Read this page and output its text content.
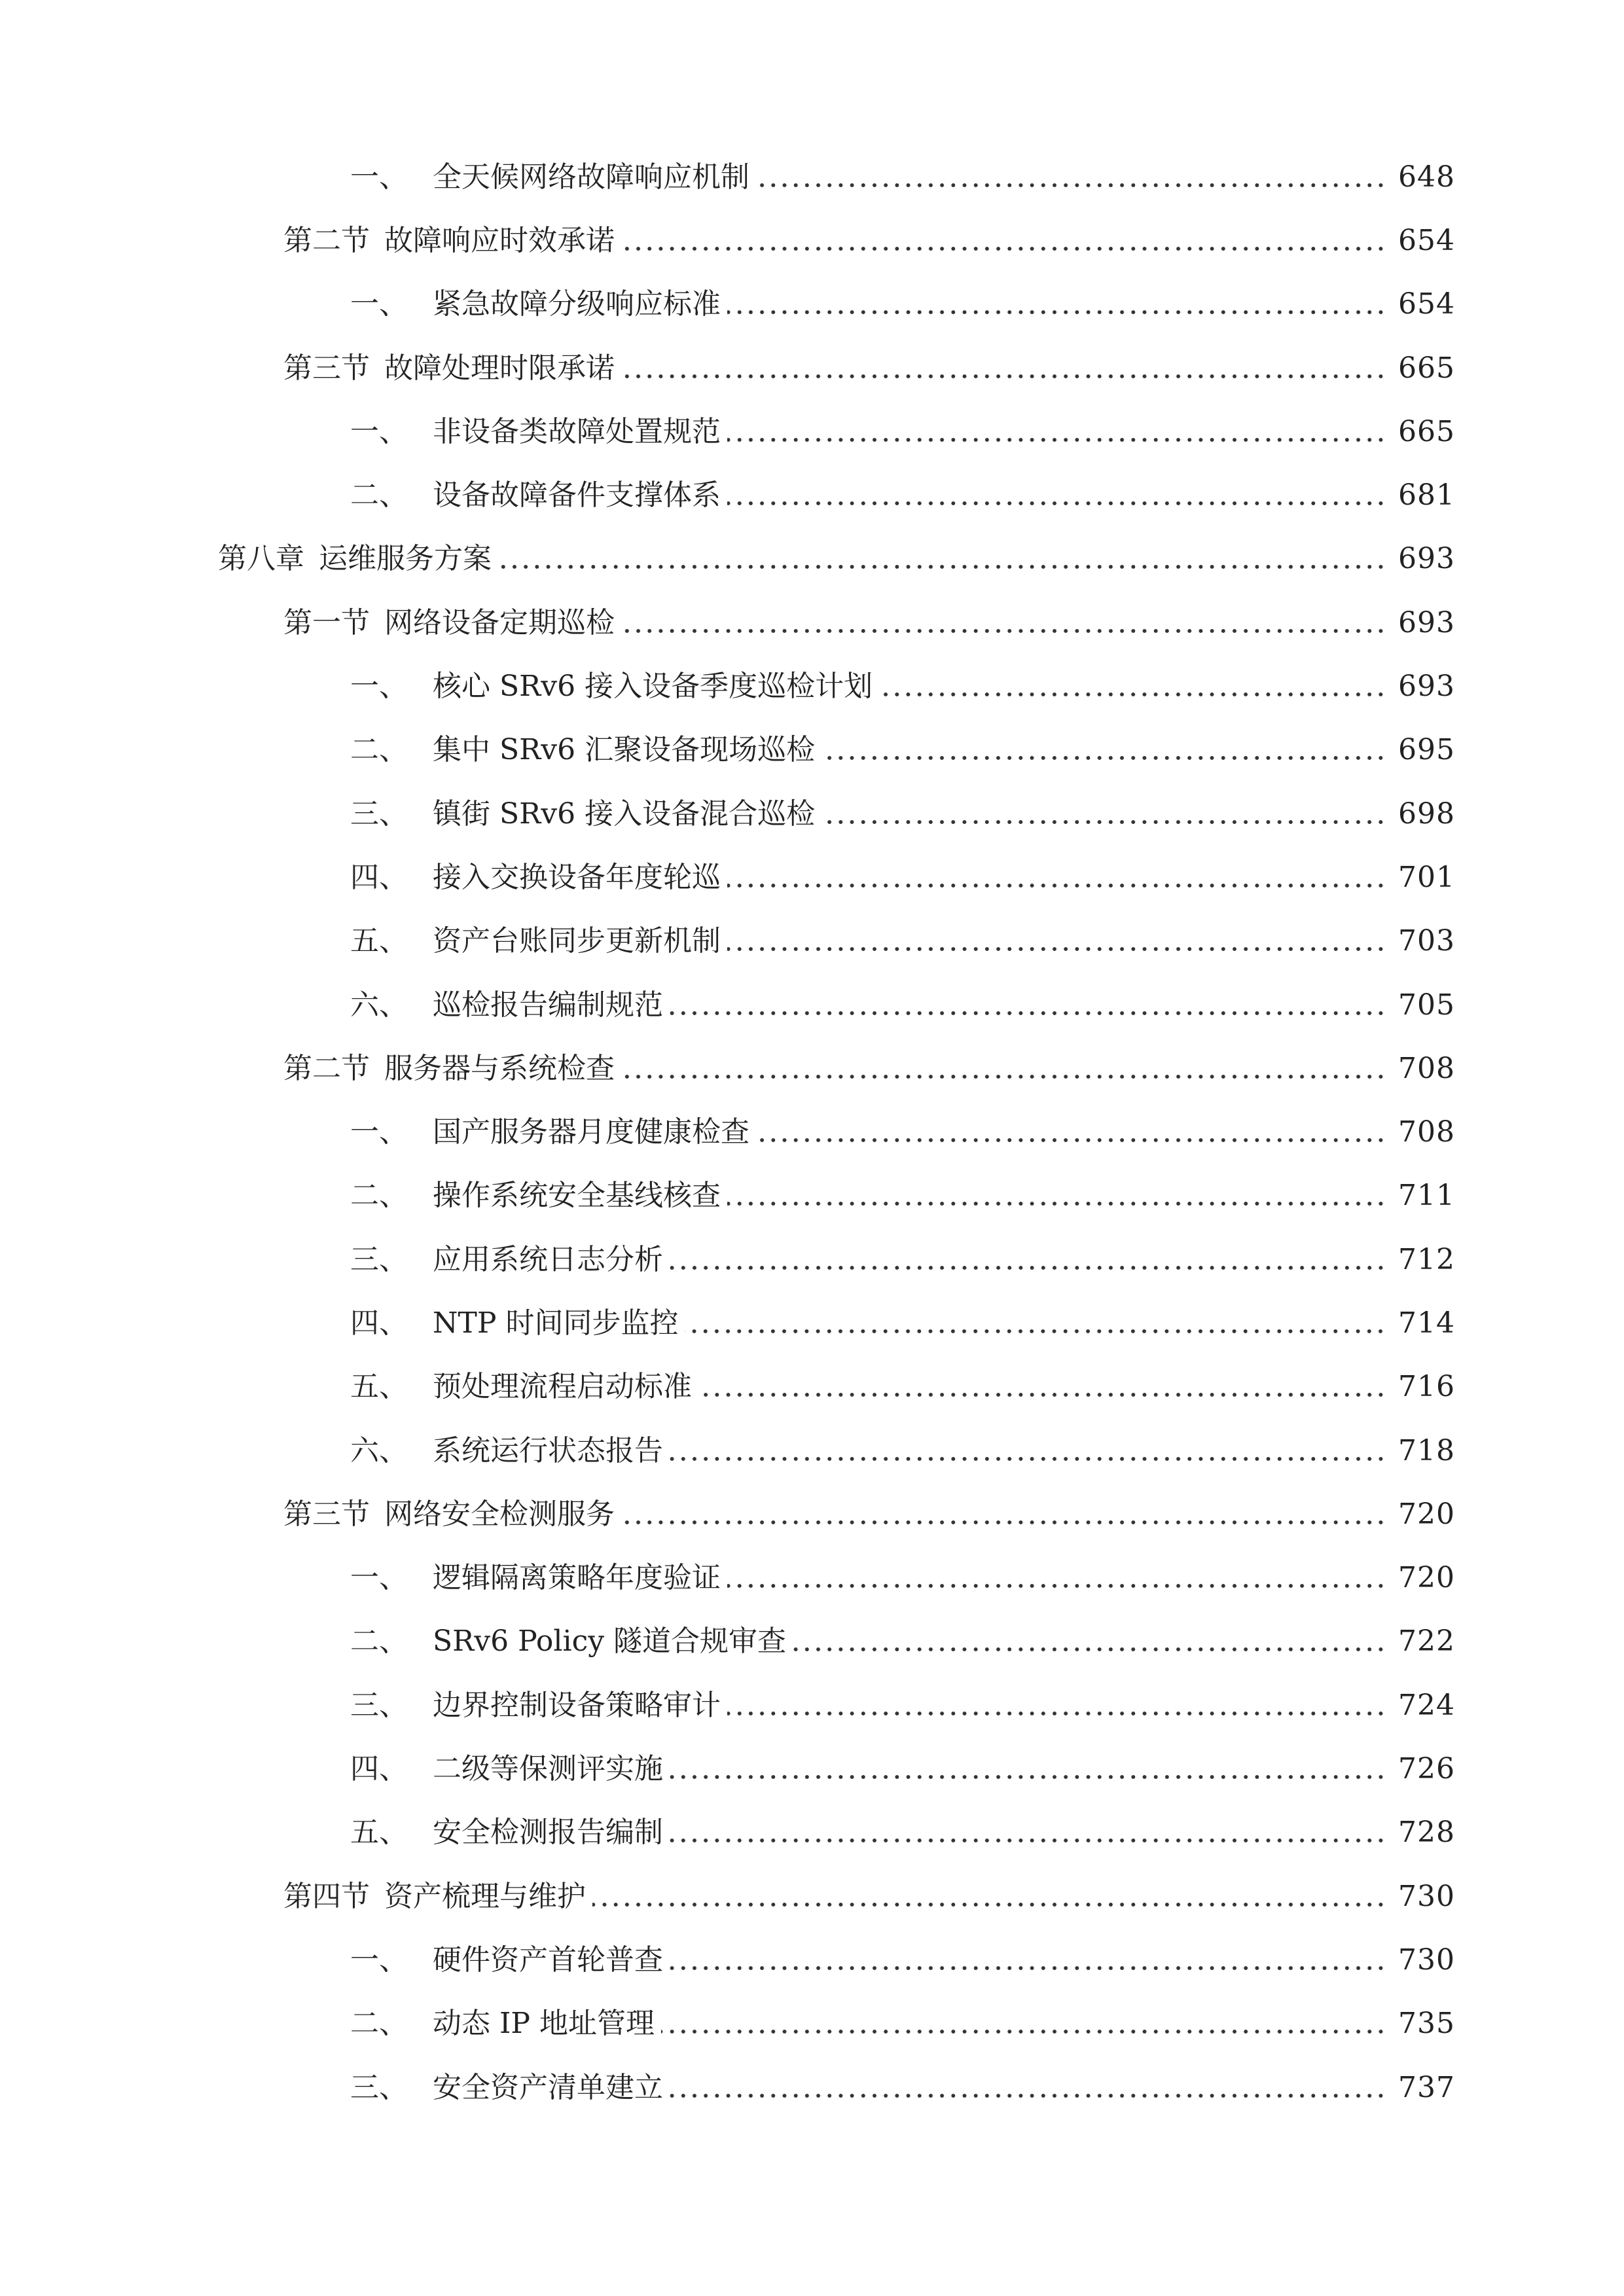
一、 全天候网络故障响应机制	648
第二节 故障响应时效承诺	654
一、 紧急故障分级响应标准	654
第三节 故障处理时限承诺	665
一、 非设备类故障处置规范	665
二、 设备故障备件支撑体系	681
第八章 运维服务方案	693
第一节 网络设备定期巡检	693
一、 核心 SRv6 接入设备季度巡检计划	693
二、 集中 SRv6 汇聚设备现场巡检	695
三、 镇街 SRv6 接入设备混合巡检	698
四、 接入交换设备年度轮巡	701
五、 资产台账同步更新机制	703
六、 巡检报告编制规范	705
第二节 服务器与系统检查	708
一、 国产服务器月度健康检查	708
二、 操作系统安全基线核查	711
三、 应用系统日志分析	712
四、 NTP 时间同步监控	714
五、 预处理流程启动标准	716
六、 系统运行状态报告	718
第三节 网络安全检测服务	720
一、 逻辑隔离策略年度验证	720
二、 SRv6 Policy 隧道合规审查	722
三、 边界控制设备策略审计	724
四、 二级等保测评实施	726
五、 安全检测报告编制	728
第四节 资产梳理与维护	730
一、 硬件资产首轮普查	730
二、 动态 IP 地址管理	735
三、 安全资产清单建立	737
